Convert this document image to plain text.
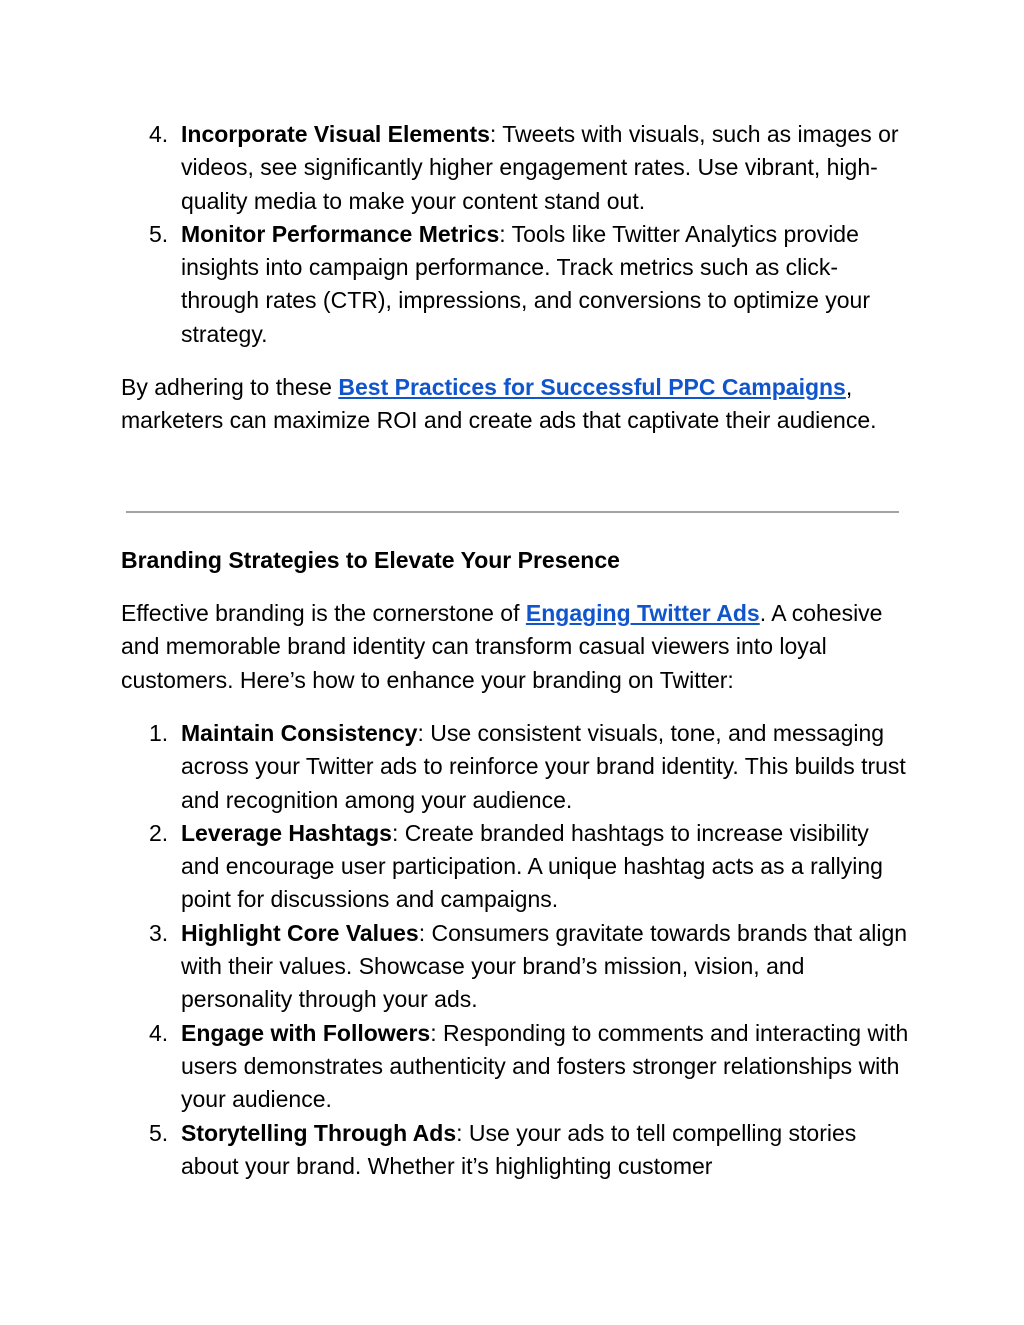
4. Incorporate Visual Elements: Tweets with visuals, such as images or videos, see significantly higher engagement rates. Use vibrant, high-quality media to make your content stand out.
5. Monitor Performance Metrics: Tools like Twitter Analytics provide insights into campaign performance. Track metrics such as click-through rates (CTR), impressions, and conversions to optimize your strategy.

By adhering to these Best Practices for Successful PPC Campaigns, marketers can maximize ROI and create ads that captivate their audience.

Branding Strategies to Elevate Your Presence

Effective branding is the cornerstone of Engaging Twitter Ads. A cohesive and memorable brand identity can transform casual viewers into loyal customers. Here’s how to enhance your branding on Twitter:

1. Maintain Consistency: Use consistent visuals, tone, and messaging across your Twitter ads to reinforce your brand identity. This builds trust and recognition among your audience.
2. Leverage Hashtags: Create branded hashtags to increase visibility and encourage user participation. A unique hashtag acts as a rallying point for discussions and campaigns.
3. Highlight Core Values: Consumers gravitate towards brands that align with their values. Showcase your brand’s mission, vision, and personality through your ads.
4. Engage with Followers: Responding to comments and interacting with users demonstrates authenticity and fosters stronger relationships with your audience.
5. Storytelling Through Ads: Use your ads to tell compelling stories about your brand. Whether it’s highlighting customer
